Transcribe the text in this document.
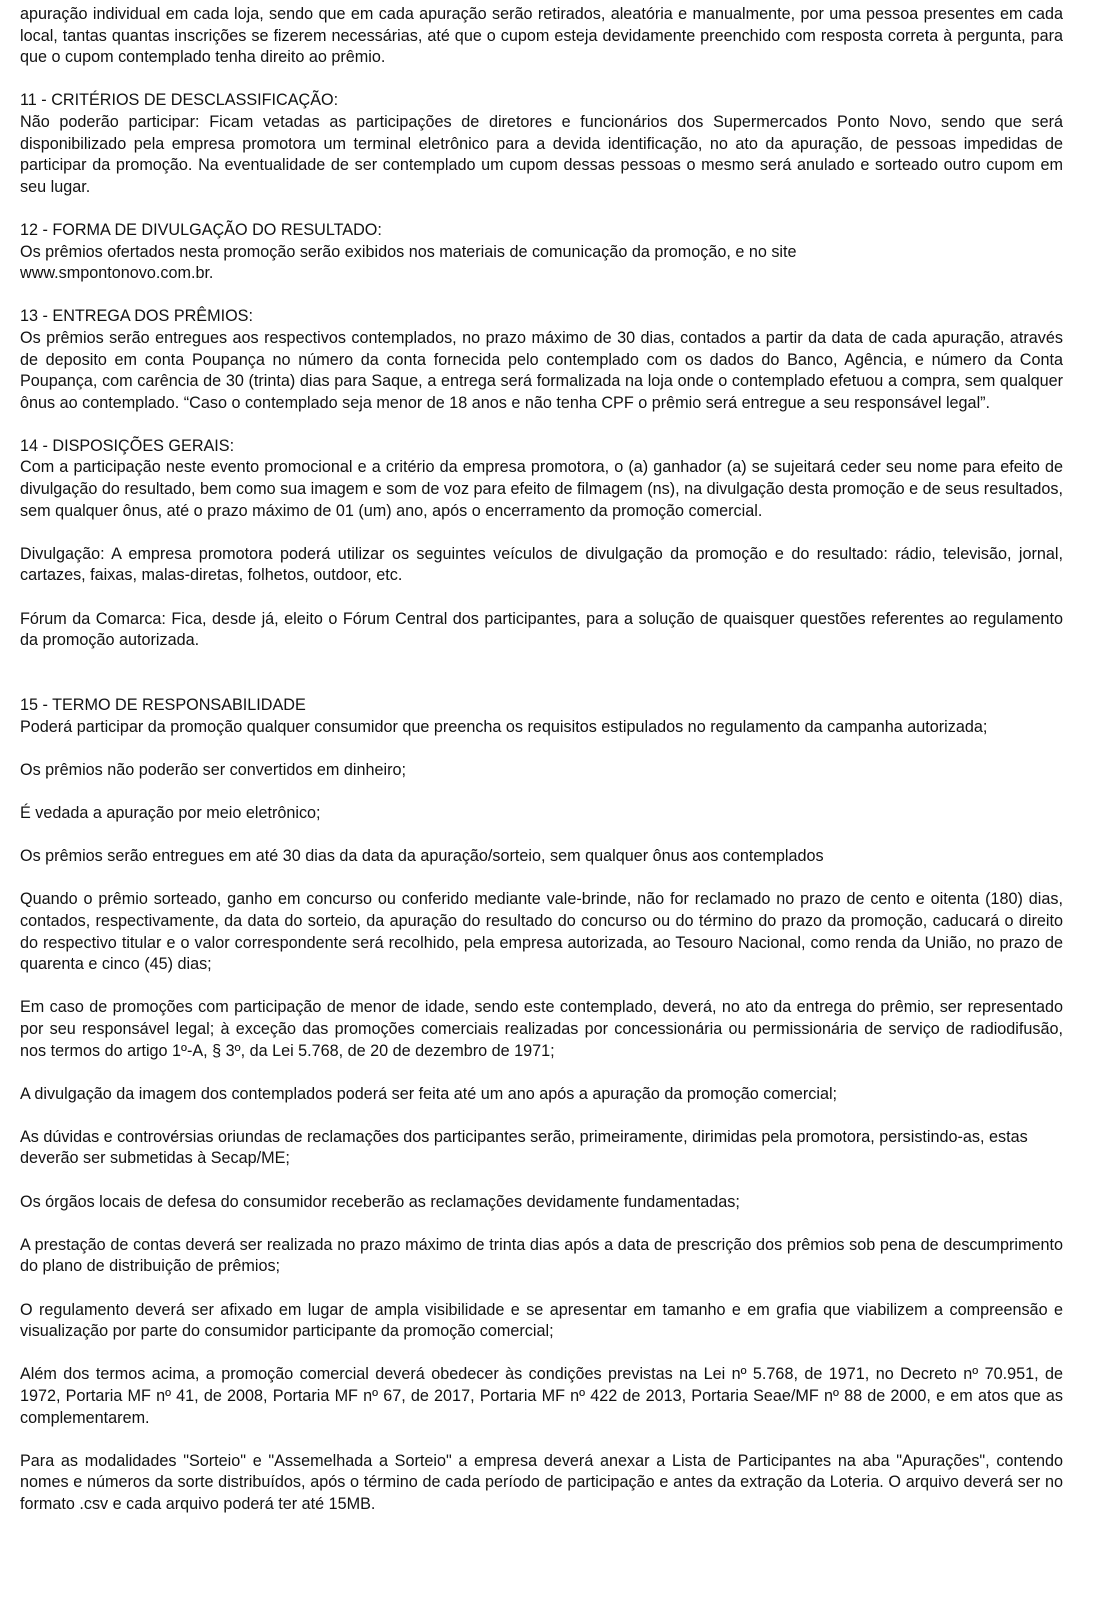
apuração individual em cada loja, sendo que em cada apuração serão retirados, aleatória e manualmente, por uma pessoa presentes em cada local, tantas quantas inscrições se fizerem necessárias, até que o cupom esteja devidamente preenchido com resposta correta à pergunta, para que o cupom contemplado tenha direito ao prêmio.

11 - CRITÉRIOS DE DESCLASSIFICAÇÃO:

Não poderão participar: Ficam vetadas as participações de diretores e funcionários dos Supermercados Ponto Novo, sendo que será disponibilizado pela empresa promotora um terminal eletrônico para a devida identificação, no ato da apuração, de pessoas impedidas de participar da promoção. Na eventualidade de ser contemplado um cupom dessas pessoas o mesmo será anulado e sorteado outro cupom em seu lugar.

12 - FORMA DE DIVULGAÇÃO DO RESULTADO:

Os prêmios ofertados nesta promoção serão exibidos nos materiais de comunicação da promoção, e no site

www.smpontonovo.com.br.

13 - ENTREGA DOS PRÊMIOS:

Os prêmios serão entregues aos respectivos contemplados, no prazo máximo de 30 dias, contados a partir da data de cada apuração, através de deposito em conta Poupança no número da conta fornecida pelo contemplado com os dados do Banco, Agência, e número da Conta Poupança, com carência de 30 (trinta) dias para Saque, a entrega será formalizada na loja onde o contemplado efetuou a compra, sem qualquer ônus ao contemplado. “Caso o contemplado seja menor de 18 anos e não tenha CPF o prêmio será entregue a seu responsável legal”.

14 - DISPOSIÇÕES GERAIS:

Com a participação neste evento promocional e a critério da empresa promotora, o (a) ganhador (a) se sujeitará ceder seu nome para efeito de divulgação do resultado, bem como sua imagem e som de voz para efeito de filmagem (ns), na divulgação desta promoção e de seus resultados, sem qualquer ônus, até o prazo máximo de 01 (um) ano, após o encerramento da promoção comercial.

Divulgação: A empresa promotora poderá utilizar os seguintes veículos de divulgação da promoção e do resultado: rádio, televisão, jornal, cartazes, faixas, malas-diretas, folhetos, outdoor, etc.

Fórum da Comarca: Fica, desde já, eleito o Fórum Central dos participantes, para a solução de quaisquer questões referentes ao regulamento da promoção autorizada.

15 - TERMO DE RESPONSABILIDADE

Poderá participar da promoção qualquer consumidor que preencha os requisitos estipulados no regulamento da campanha autorizada;

Os prêmios não poderão ser convertidos em dinheiro;

É vedada a apuração por meio eletrônico;

Os prêmios serão entregues em até 30 dias da data da apuração/sorteio, sem qualquer ônus aos contemplados

Quando o prêmio sorteado, ganho em concurso ou conferido mediante vale-brinde, não for reclamado no prazo de cento e oitenta (180) dias, contados, respectivamente, da data do sorteio, da apuração do resultado do concurso ou do término do prazo da promoção, caducará o direito do respectivo titular e o valor correspondente será recolhido, pela empresa autorizada, ao Tesouro Nacional, como renda da União, no prazo de quarenta e cinco (45) dias;

Em caso de promoções com participação de menor de idade, sendo este contemplado, deverá, no ato da entrega do prêmio, ser representado por seu responsável legal; à exceção das promoções comerciais realizadas por concessionária ou permissionária de serviço de radiodifusão, nos termos do artigo 1º-A, § 3º, da Lei 5.768, de 20 de dezembro de 1971;

A divulgação da imagem dos contemplados poderá ser feita até um ano após a apuração da promoção comercial;

As dúvidas e controvérsias oriundas de reclamações dos participantes serão, primeiramente, dirimidas pela promotora, persistindo-as, estas deverão ser submetidas à Secap/ME;

Os órgãos locais de defesa do consumidor receberão as reclamações devidamente fundamentadas;

A prestação de contas deverá ser realizada no prazo máximo de trinta dias após a data de prescrição dos prêmios sob pena de descumprimento do plano de distribuição de prêmios;

O regulamento deverá ser afixado em lugar de ampla visibilidade e se apresentar em tamanho e em grafia que viabilizem a compreensão e visualização por parte do consumidor participante da promoção comercial;

Além dos termos acima, a promoção comercial deverá obedecer às condições previstas na Lei nº 5.768, de 1971, no Decreto nº 70.951, de 1972, Portaria MF nº 41, de 2008, Portaria MF nº 67, de 2017, Portaria MF nº 422 de 2013, Portaria Seae/MF nº 88 de 2000, e em atos que as complementarem.

Para as modalidades "Sorteio" e "Assemelhada a Sorteio" a empresa deverá anexar a Lista de Participantes na aba "Apurações", contendo nomes e números da sorte distribuídos, após o término de cada período de participação e antes da extração da Loteria. O arquivo deverá ser no formato .csv e cada arquivo poderá ter até 15MB.
